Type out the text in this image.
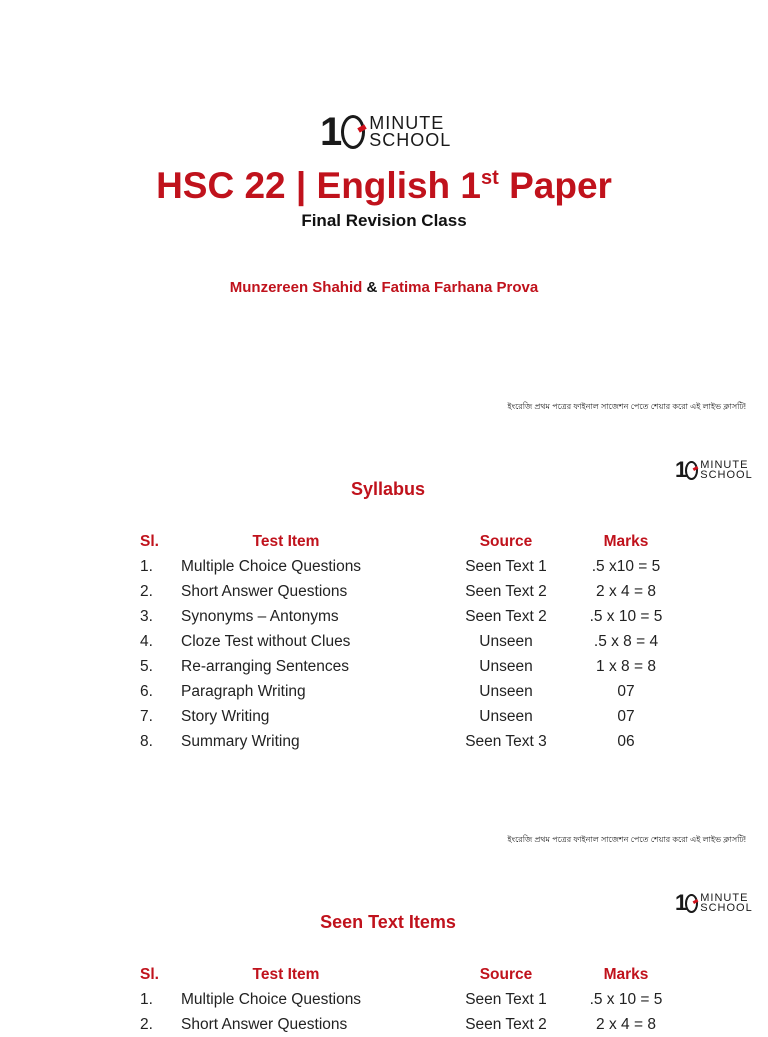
1 MINUTE
SCHOOL
HSC 22 | English 1st Paper
Final Revision Class
Munzereen Shahid & Fatima Farhana Prova
ইংরেজি প্রথম পত্রের ফাইনাল সাজেশন পেতে শেয়ার করো এই লাইভ ক্লাসটি!
1 MINUTE
SCHOOL
Syllabus
Sl.	Test Item	Source	Marks
1.	Multiple Choice Questions	Seen Text 1	.5 x10 = 5
2.	Short Answer Questions	Seen Text 2	2 x 4 = 8
3.	Synonyms – Antonyms	Seen Text 2	.5 x 10 = 5
4.	Cloze Test without Clues	Unseen	.5 x 8 = 4
5.	Re-arranging Sentences	Unseen	1 x 8 = 8
6.	Paragraph Writing	Unseen	07
7.	Story Writing	Unseen	07
8.	Summary Writing	Seen Text 3	06
ইংরেজি প্রথম পত্রের ফাইনাল সাজেশন পেতে শেয়ার করো এই লাইভ ক্লাসটি!
1 MINUTE
SCHOOL
Seen Text Items
Sl.	Test Item	Source	Marks
1.	Multiple Choice Questions	Seen Text 1	.5 x 10 = 5
2.	Short Answer Questions	Seen Text 2	2 x 4 = 8
